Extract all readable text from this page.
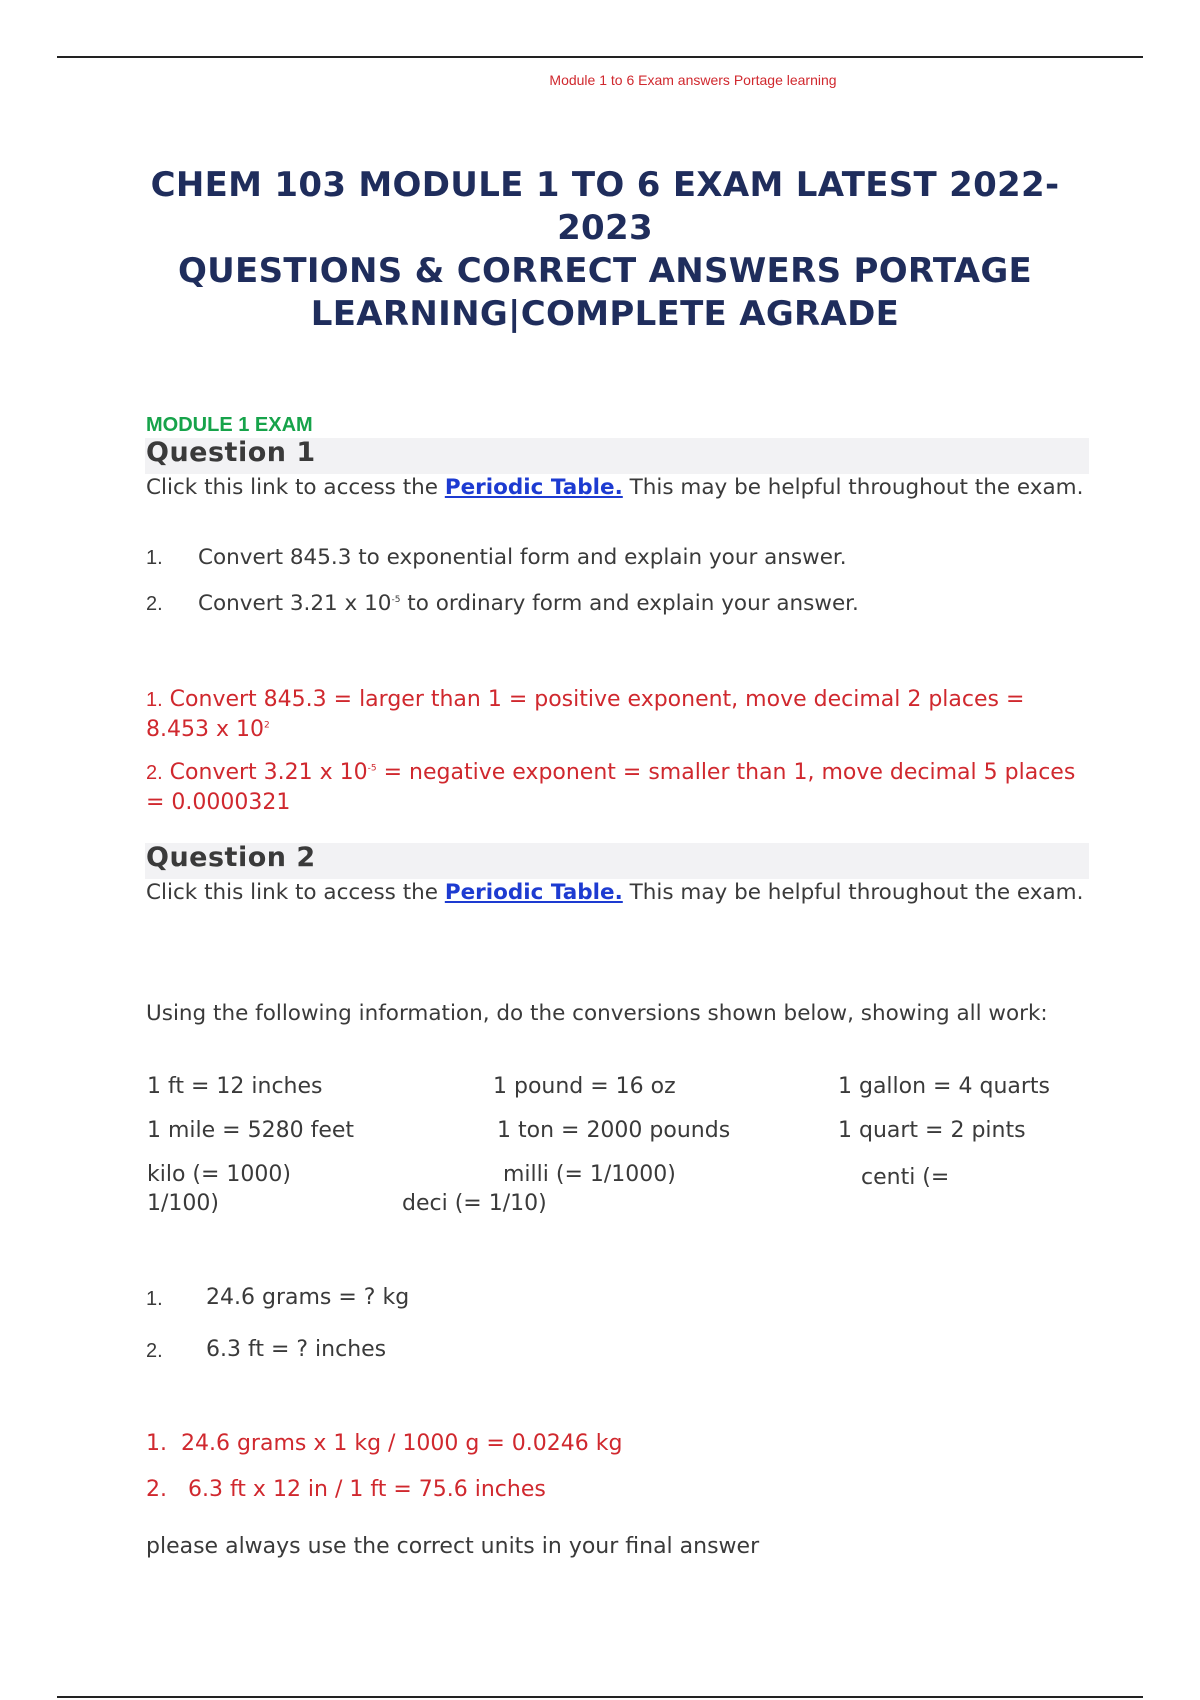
Module 1 to 6 Exam answers Portage learning
CHEM 103 MODULE 1 TO 6 EXAM LATEST 2022-2023
QUESTIONS & CORRECT ANSWERS PORTAGE
LEARNING|COMPLETE AGRADE
MODULE 1 EXAM
Question 1
Click this link to access the Periodic Table. This may be helpful throughout the exam.
1. Convert 845.3 to exponential form and explain your answer.
2. Convert 3.21 x $10^{-5}$ to ordinary form and explain your answer.
1. Convert 845.3 = larger than 1 = positive exponent, move decimal 2 places = 8.453 x $10^2$
2. Convert 3.21 x $10^{-5}$ = negative exponent = smaller than 1, move decimal 5 places = 0.0000321
Question 2
Click this link to access the Periodic Table. This may be helpful throughout the exam.
Using the following information, do the conversions shown below, showing all work:
1 ft = 12 inches	1 pound = 16 oz	1 gallon = 4 quarts
1 mile = 5280 feet	1 ton = 2000 pounds	1 quart = 2 pints
kilo (= 1000)	milli (= 1/1000)	centi (=
1/100)	deci (= 1/10)
1. 24.6 grams = ? kg
2. 6.3 ft = ? inches
1.  24.6 grams x 1 kg / 1000 g = 0.0246 kg
2.   6.3 ft x 12 in / 1 ft = 75.6 inches
please always use the correct units in your final answer
